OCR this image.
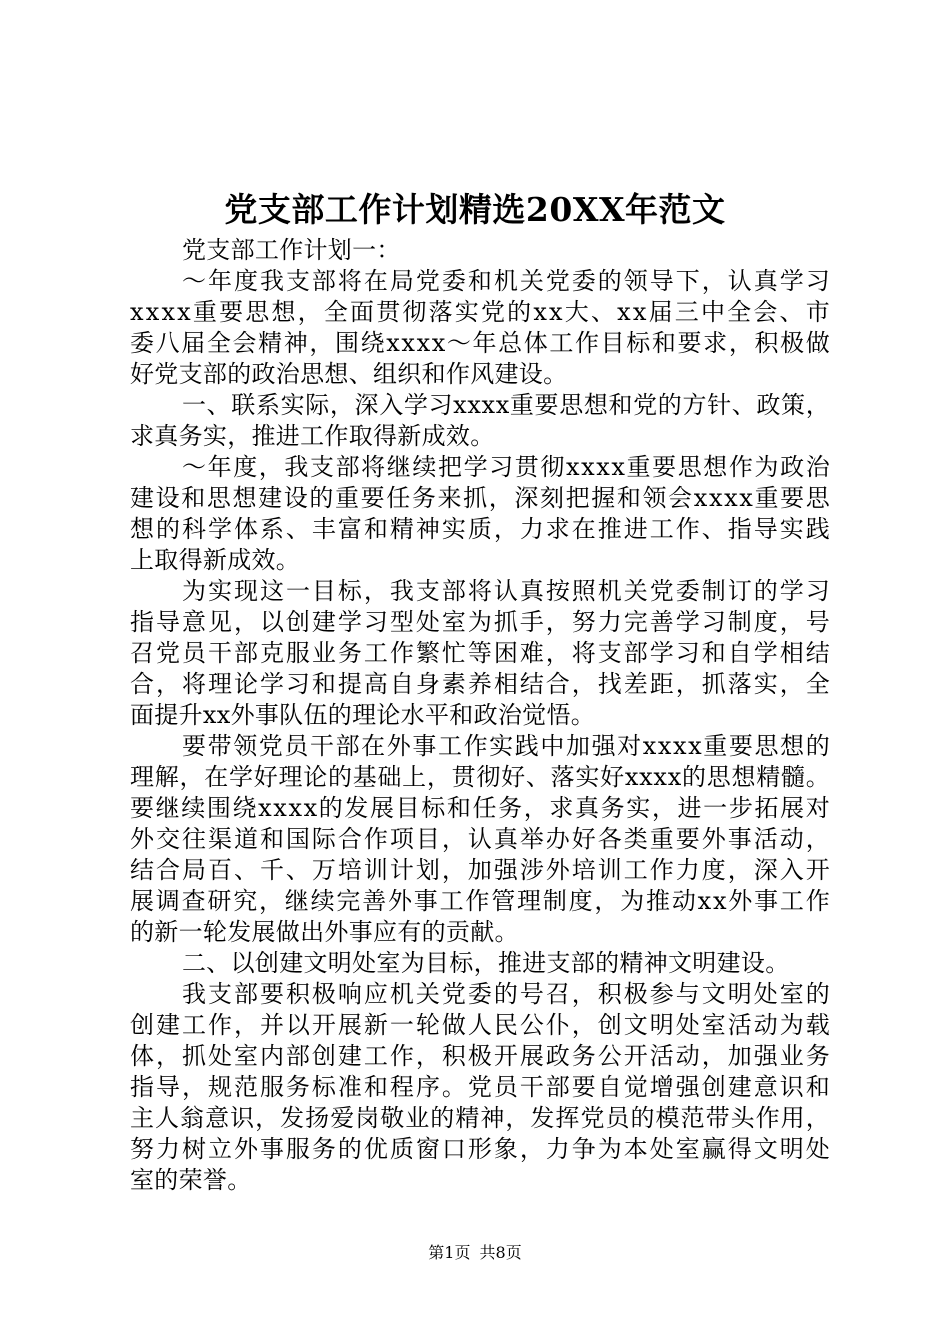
党支部工作计划精选20XX年范文
党支部工作计划一：
～年度我支部将在局党委和机关党委的领导下，认真学习
xxxx重要思想，全面贯彻落实党的xx大、xx届三中全会、市
委八届全会精神，围绕xxxx～年总体工作目标和要求，积极做
好党支部的政治思想、组织和作风建设。
一、联系实际，深入学习xxxx重要思想和党的方针、政策，
求真务实，推进工作取得新成效。
～年度，我支部将继续把学习贯彻xxxx重要思想作为政治
建设和思想建设的重要任务来抓，深刻把握和领会xxxx重要思
想的科学体系、丰富和精神实质，力求在推进工作、指导实践
上取得新成效。
为实现这一目标，我支部将认真按照机关党委制订的学习
指导意见，以创建学习型处室为抓手，努力完善学习制度，号
召党员干部克服业务工作繁忙等困难，将支部学习和自学相结
合，将理论学习和提高自身素养相结合，找差距，抓落实，全
面提升xx外事队伍的理论水平和政治觉悟。
要带领党员干部在外事工作实践中加强对xxxx重要思想的
理解，在学好理论的基础上，贯彻好、落实好xxxx的思想精髓。
要继续围绕xxxx的发展目标和任务，求真务实，进一步拓展对
外交往渠道和国际合作项目，认真举办好各类重要外事活动，
结合局百、千、万培训计划，加强涉外培训工作力度，深入开
展调查研究，继续完善外事工作管理制度，为推动xx外事工作
的新一轮发展做出外事应有的贡献。
二、以创建文明处室为目标，推进支部的精神文明建设。
我支部要积极响应机关党委的号召，积极参与文明处室的
创建工作，并以开展新一轮做人民公仆，创文明处室活动为载
体，抓处室内部创建工作，积极开展政务公开活动，加强业务
指导，规范服务标准和程序。党员干部要自觉增强创建意识和
主人翁意识，发扬爱岗敬业的精神，发挥党员的模范带头作用，
努力树立外事服务的优质窗口形象，力争为本处室赢得文明处
室的荣誉。
第1页 共8页
